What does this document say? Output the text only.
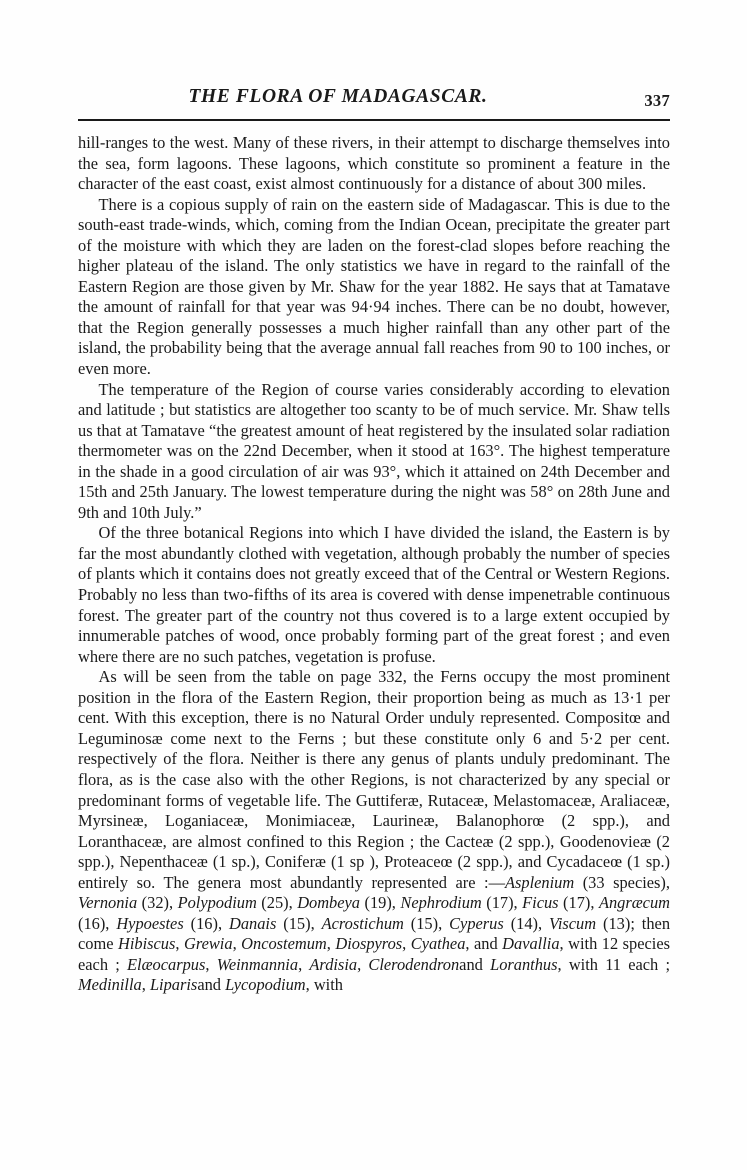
THE FLORA OF MADAGASCAR.	337

hill-ranges to the west. Many of these rivers, in their attempt to discharge themselves into the sea, form lagoons. These lagoons, which constitute so prominent a feature in the character of the east coast, exist almost continuously for a distance of about 300 miles.

There is a copious supply of rain on the eastern side of Madagascar. This is due to the south-east trade-winds, which, coming from the Indian Ocean, precipitate the greater part of the moisture with which they are laden on the forest-clad slopes before reaching the higher plateau of the island. The only statistics we have in regard to the rainfall of the Eastern Region are those given by Mr. Shaw for the year 1882. He says that at Tamatave the amount of rainfall for that year was 94·94 inches. There can be no doubt, however, that the Region generally possesses a much higher rainfall than any other part of the island, the probability being that the average annual fall reaches from 90 to 100 inches, or even more.

The temperature of the Region of course varies considerably according to elevation and latitude ; but statistics are altogether too scanty to be of much service. Mr. Shaw tells us that at Tamatave “the greatest amount of heat registered by the insulated solar radiation thermometer was on the 22nd December, when it stood at 163°. The highest temperature in the shade in a good circulation of air was 93°, which it attained on 24th December and 15th and 25th January. The lowest temperature during the night was 58° on 28th June and 9th and 10th July.”

Of the three botanical Regions into which I have divided the island, the Eastern is by far the most abundantly clothed with vegetation, although probably the number of species of plants which it contains does not greatly exceed that of the Central or Western Regions. Probably no less than two-fifths of its area is covered with dense impenetrable continuous forest. The greater part of the country not thus covered is to a large extent occupied by innumerable patches of wood, once probably forming part of the great forest ; and even where there are no such patches, vegetation is profuse.

As will be seen from the table on page 332, the Ferns occupy the most prominent position in the flora of the Eastern Region, their proportion being as much as 13·1 per cent. With this exception, there is no Natural Order unduly represented. Compositœ and Leguminosæ come next to the Ferns ; but these constitute only 6 and 5·2 per cent. respectively of the flora. Neither is there any genus of plants unduly predominant. The flora, as is the case also with the other Regions, is not characterized by any special or predominant forms of vegetable life. The Guttiferæ, Rutaceæ, Melastomaceæ, Araliaceæ, Myrsineæ, Loganiaceæ, Monimiaceæ, Laurineæ, Balanophorœ (2 spp.), and Loranthaceæ, are almost confined to this Region ; the Cacteæ (2 spp.), Goodenovieæ (2 spp.), Nepenthaceæ (1 sp.), Coniferæ (1 sp ), Proteaceœ (2 spp.), and Cycadaceœ (1 sp.) entirely so. The genera most abundantly represented are :—Asplenium (33 species), Vernonia (32), Polypodium (25), Dombeya (19), Nephrodium (17), Ficus (17), Angræcum (16), Hypoestes (16), Danais (15), Acrostichum (15), Cyperus (14), Viscum (13); then come Hibiscus, Grewia, Oncostemum, Diospyros, Cyathea, and Davallia, with 12 species each ; Elæocarpus, Weinmannia, Ardisia, Clerodendronand Loranthus, with 11 each ; Medinilla, Liparisand Lycopodium, with
